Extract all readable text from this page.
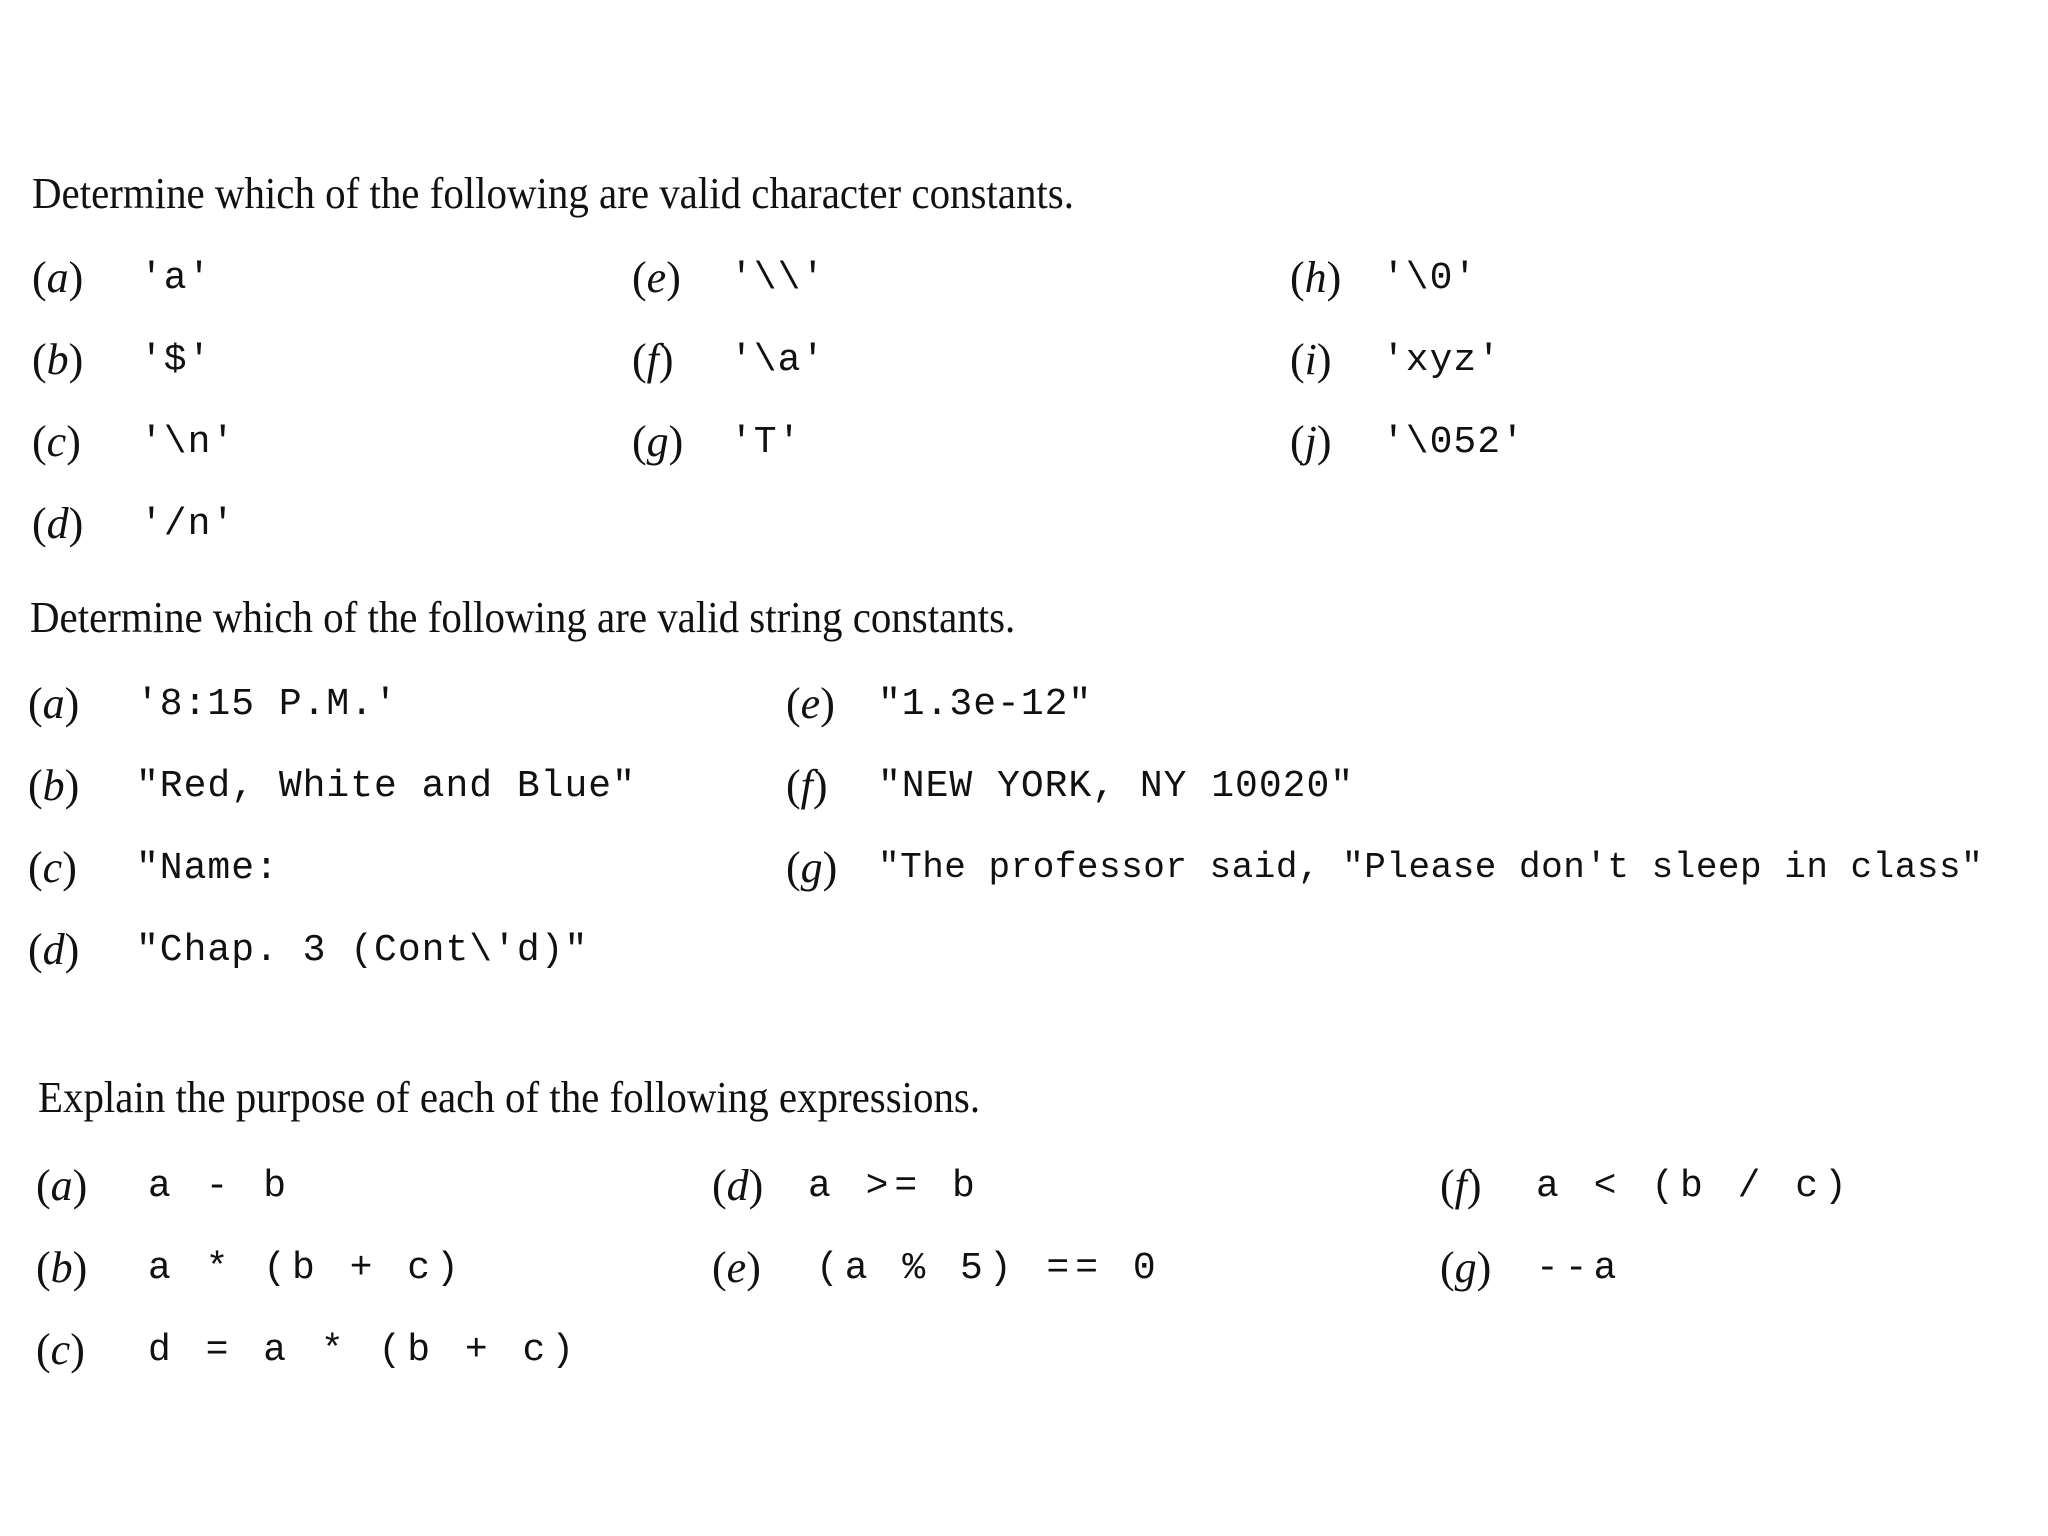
Determine which of the following are valid character constants.
(a) 'a'
(b) '$'
(c) '\n'
(d) '/n'
(e) '\\'
(f) '\a'
(g) 'T'
(h) '\0'
(i) 'xyz'
(j) '\052'
Determine which of the following are valid string constants.
(a) '8:15 P.M.'
(b) "Red, White and Blue"
(c) "Name:
(d) "Chap. 3 (Cont\'d)"
(e) "1.3e-12"
(f) "NEW YORK, NY 10020"
(g) "The professor said, "Please don't sleep in class"
Explain the purpose of each of the following expressions.
(a) a - b
(b) a * (b + c)
(c) d = a * (b + c)
(d) a >= b
(e) (a % 5) == 0
(f) a < (b / c)
(g) --a
